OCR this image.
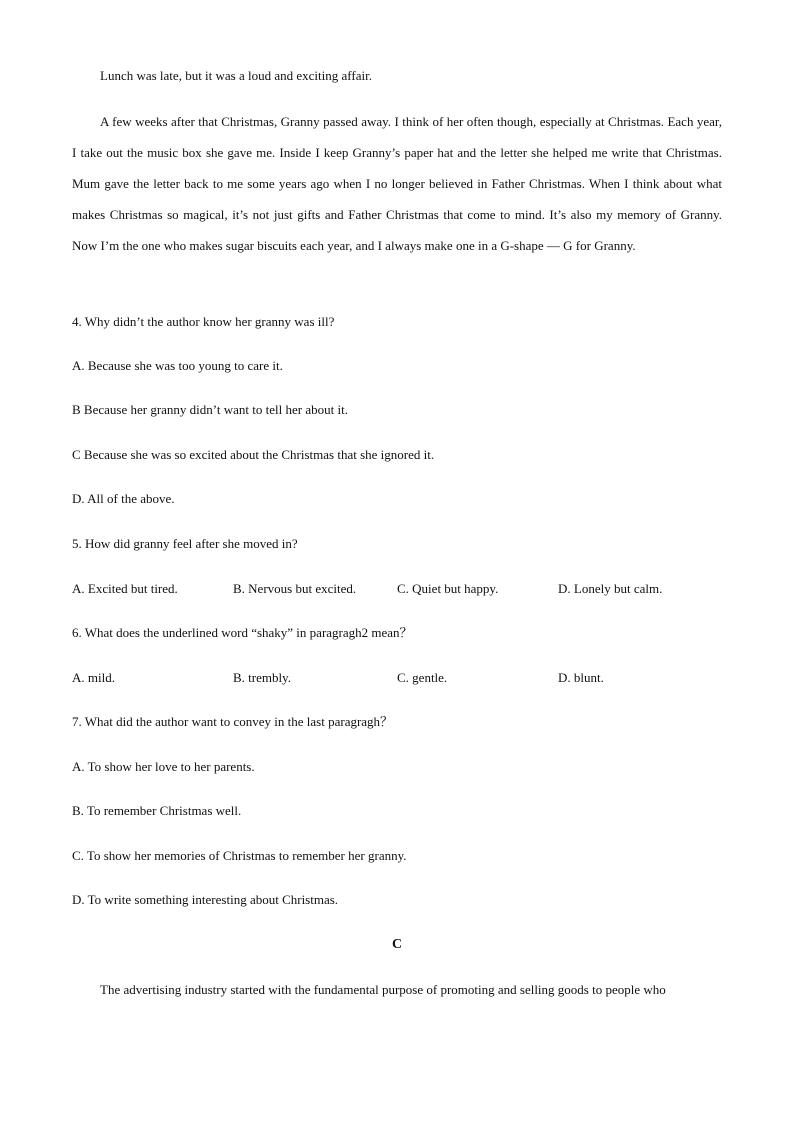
Lunch was late, but it was a loud and exciting affair.

A few weeks after that Christmas, Granny passed away. I think of her often though, especially at Christmas. Each year, I take out the music box she gave me. Inside I keep Granny’s paper hat and the letter she helped me write that Christmas. Mum gave the letter back to me some years ago when I no longer believed in Father Christmas. When I think about what makes Christmas so magical, it’s not just gifts and Father Christmas that come to mind. It’s also my memory of Granny. Now I’m the one who makes sugar biscuits each year, and I always make one in a G-shape — G for Granny.

4. Why didn’t the author know her granny was ill?

A. Because she was too young to care it.

B Because her granny didn’t want to tell her about it.

C Because she was so excited about the Christmas that she ignored it.

D. All of the above.

5. How did granny feel after she moved in?

A. Excited but tired.	B. Nervous but excited.	C. Quiet but happy.	D. Lonely but calm.

6. What does the underlined word “shaky” in paragragh2 mean？

A. mild.	B. trembly.	C. gentle.	D. blunt.

7. What did the author want to convey in the last paragragh？

A. To show her love to her parents.

B. To remember Christmas well.

C. To show her memories of Christmas to remember her granny.

D. To write something interesting about Christmas.

C

The advertising industry started with the fundamental purpose of promoting and selling goods to people who
